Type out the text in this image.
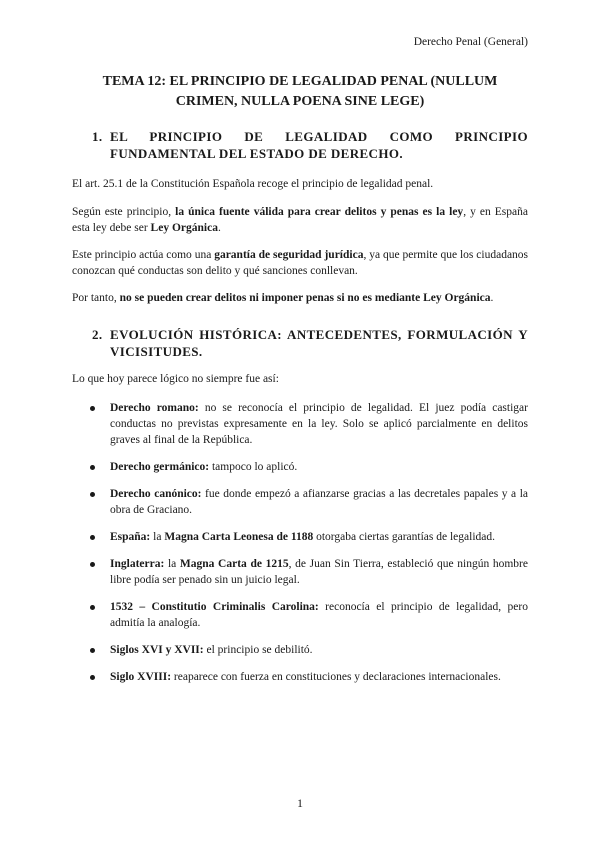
Derecho Penal (General)
TEMA 12: EL PRINCIPIO DE LEGALIDAD PENAL (NULLUM
CRIMEN, NULLA POENA SINE LEGE)
1. EL PRINCIPIO DE LEGALIDAD COMO PRINCIPIO FUNDAMENTAL DEL ESTADO DE DERECHO.
El art. 25.1 de la Constitución Española recoge el principio de legalidad penal.
Según este principio, la única fuente válida para crear delitos y penas es la ley, y en España esta ley debe ser Ley Orgánica.
Este principio actúa como una garantía de seguridad jurídica, ya que permite que los ciudadanos conozcan qué conductas son delito y qué sanciones conllevan.
Por tanto, no se pueden crear delitos ni imponer penas si no es mediante Ley Orgánica.
2. EVOLUCIÓN HISTÓRICA: ANTECEDENTES, FORMULACIÓN Y VICISITUDES.
Lo que hoy parece lógico no siempre fue así:
Derecho romano: no se reconocía el principio de legalidad. El juez podía castigar conductas no previstas expresamente en la ley. Solo se aplicó parcialmente en delitos graves al final de la República.
Derecho germánico: tampoco lo aplicó.
Derecho canónico: fue donde empezó a afianzarse gracias a las decretales papales y a la obra de Graciano.
España: la Magna Carta Leonesa de 1188 otorgaba ciertas garantías de legalidad.
Inglaterra: la Magna Carta de 1215, de Juan Sin Tierra, estableció que ningún hombre libre podía ser penado sin un juicio legal.
1532 – Constitutio Criminalis Carolina: reconocía el principio de legalidad, pero admitía la analogía.
Siglos XVI y XVII: el principio se debilitó.
Siglo XVIII: reaparece con fuerza en constituciones y declaraciones internacionales.
1
